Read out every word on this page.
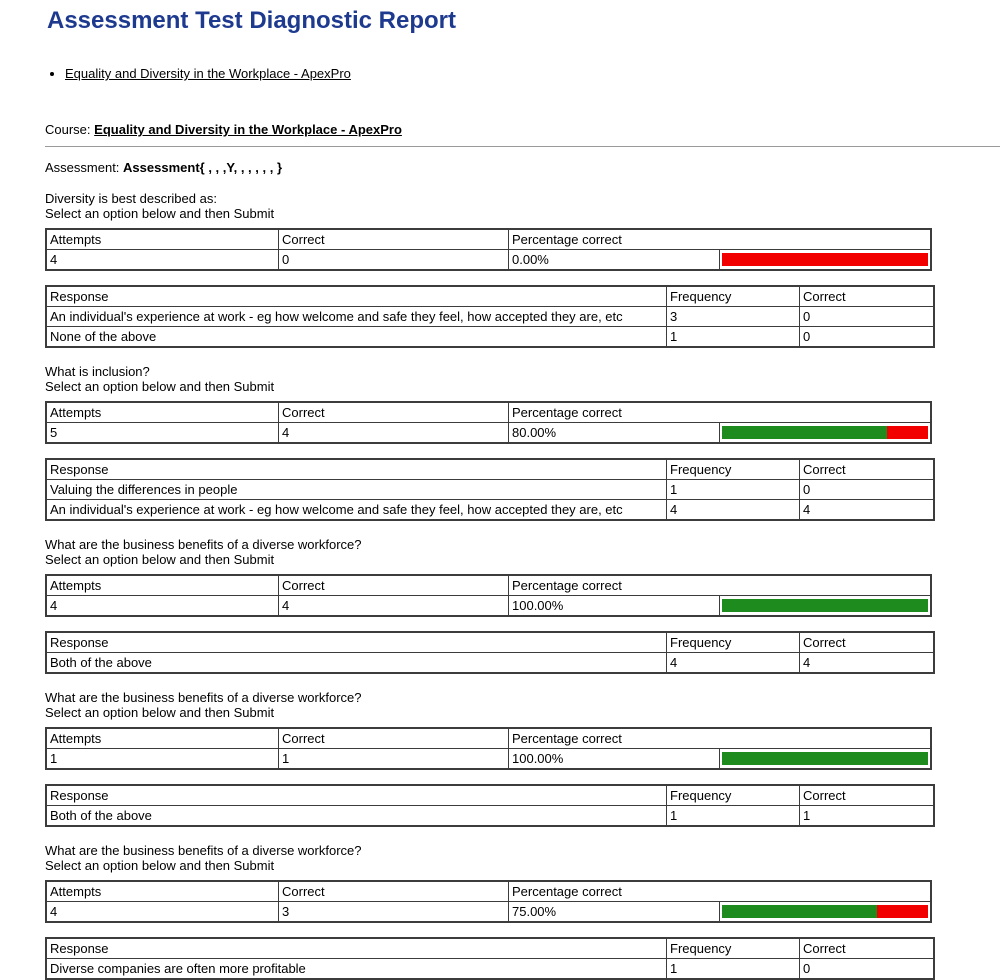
Assessment Test Diagnostic Report
• Equality and Diversity in the Workplace - ApexPro

Course: Equality and Diversity in the Workplace - ApexPro

Assessment: Assessment{ , , ,Y, , , , , , }

Diversity is best described as:
Select an option below and then Submit
Attempts	Correct	Percentage correct	
4	0	0.00%	
Response	Frequency	Correct
An individual's experience at work - eg how welcome and safe they feel, how accepted they are, etc	3	0
None of the above	1	0
What is inclusion?
Select an option below and then Submit
Attempts	Correct	Percentage correct	
5	4	80.00%	
Response	Frequency	Correct
Valuing the differences in people	1	0
An individual's experience at work - eg how welcome and safe they feel, how accepted they are, etc	4	4
What are the business benefits of a diverse workforce?
Select an option below and then Submit
Attempts	Correct	Percentage correct	
4	4	100.00%	
Response	Frequency	Correct
Both of the above	4	4
What are the business benefits of a diverse workforce?
Select an option below and then Submit
Attempts	Correct	Percentage correct	
1	1	100.00%	
Response	Frequency	Correct
Both of the above	1	1
What are the business benefits of a diverse workforce?
Select an option below and then Submit
Attempts	Correct	Percentage correct	
4	3	75.00%	
Response	Frequency	Correct
Diverse companies are often more profitable	1	0
